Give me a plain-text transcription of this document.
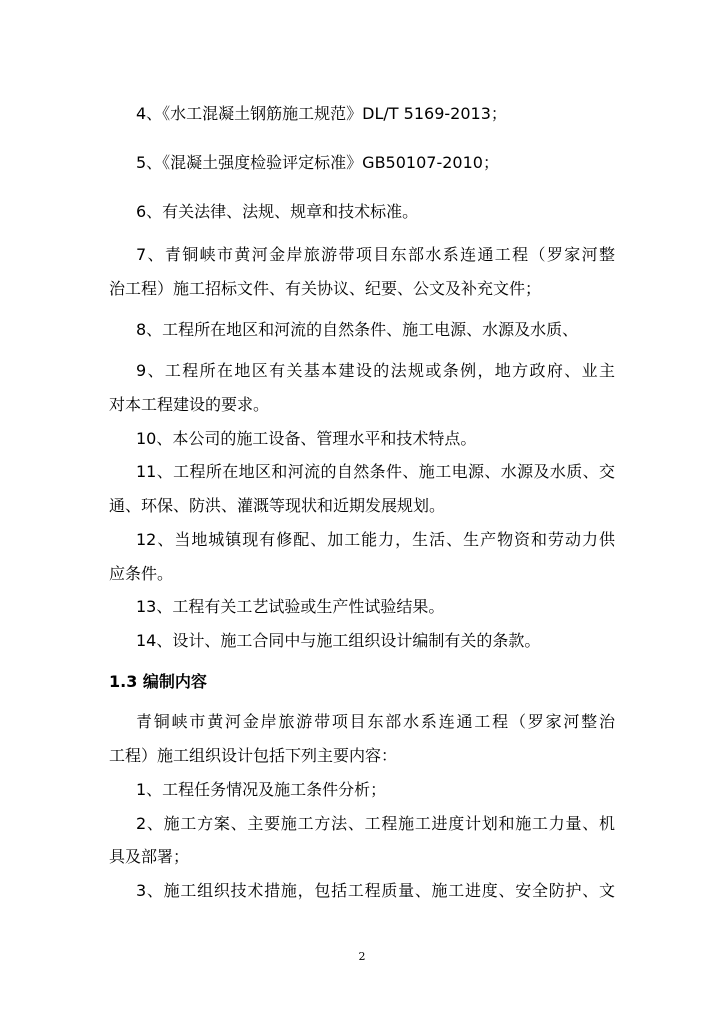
4、《水工混凝土钢筋施工规范》DL/T 5169-2013；

5、《混凝土强度检验评定标准》GB50107-2010；

6、有关法律、法规、规章和技术标准。

7、青铜峡市黄河金岸旅游带项目东部水系连通工程（罗家河整

治工程）施工招标文件、有关协议、纪要、公文及补充文件；

8、工程所在地区和河流的自然条件、施工电源、水源及水质、

9、工程所在地区有关基本建设的法规或条例，地方政府、业主

对本工程建设的要求。

10、本公司的施工设备、管理水平和技术特点。

11、工程所在地区和河流的自然条件、施工电源、水源及水质、交

通、环保、防洪、灌溉等现状和近期发展规划。

12、当地城镇现有修配、加工能力，生活、生产物资和劳动力供

应条件。

13、工程有关工艺试验或生产性试验结果。

14、设计、施工合同中与施工组织设计编制有关的条款。

1.3 编制内容

青铜峡市黄河金岸旅游带项目东部水系连通工程（罗家河整治

工程）施工组织设计包括下列主要内容：

1、工程任务情况及施工条件分析；

2、施工方案、主要施工方法、工程施工进度计划和施工力量、机

具及部署；

3、施工组织技术措施，包括工程质量、施工进度、安全防护、文

2
